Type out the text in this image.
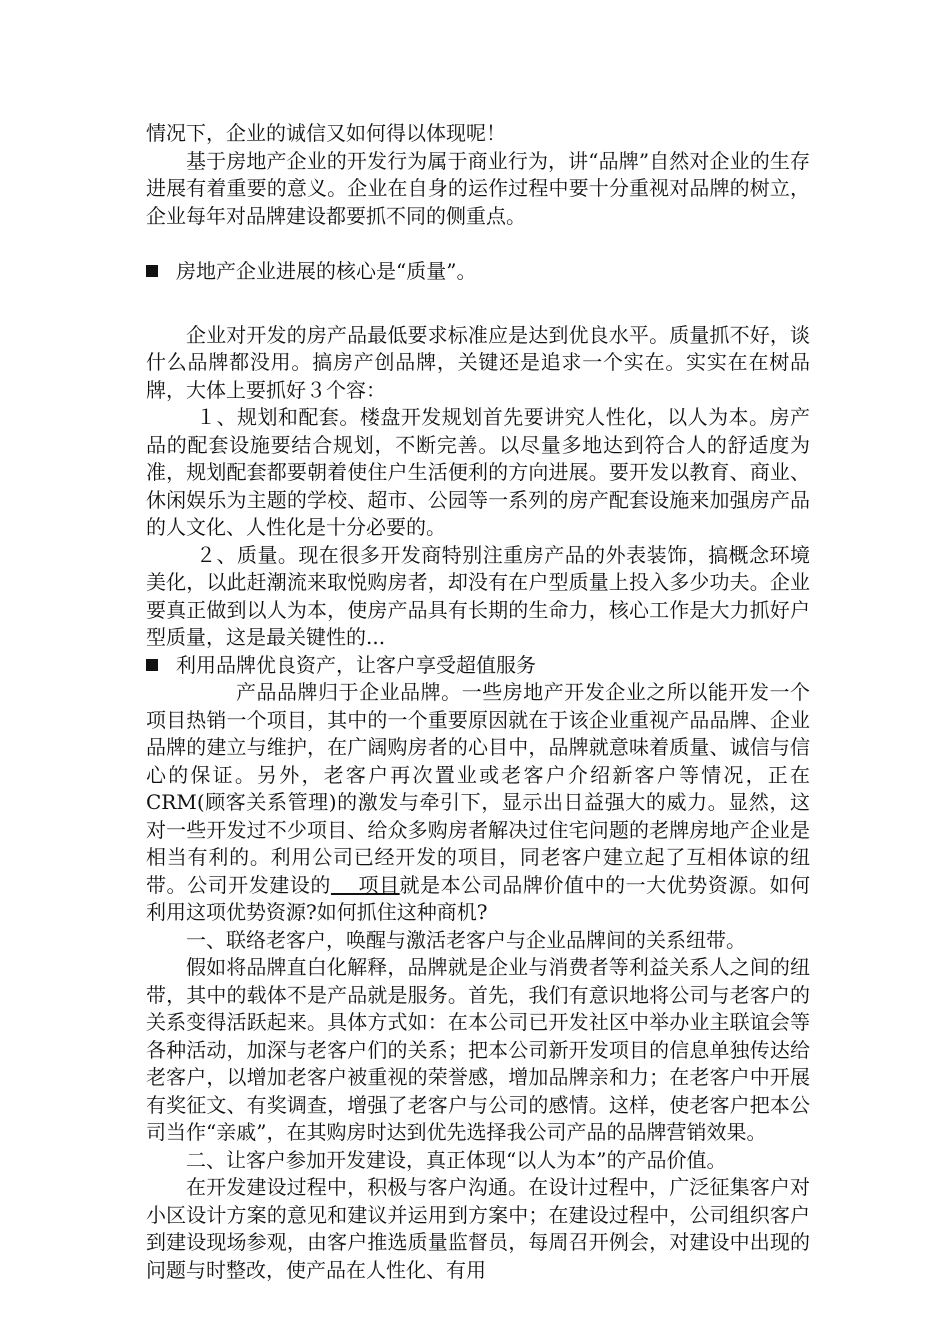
情况下，企业的诚信又如何得以体现呢！

基于房地产企业的开发行为属于商业行为，讲“品牌”自然对企业的生存进展有着重要的意义。企业在自身的运作过程中要十分重视对品牌的树立，企业每年对品牌建设都要抓不同的侧重点。

房地产企业进展的核心是“质量”。

企业对开发的房产品最低要求标准应是达到优良水平。质量抓不好，谈什么品牌都没用。搞房产创品牌，关键还是追求一个实在。实实在在树品牌，大体上要抓好３个容：

１、规划和配套。楼盘开发规划首先要讲究人性化，以人为本。房产品的配套设施要结合规划，不断完善。以尽量多地达到符合人的舒适度为准，规划配套都要朝着使住户生活便利的方向进展。要开发以教育、商业、休闲娱乐为主题的学校、超市、公园等一系列的房产配套设施来加强房产品的人文化、人性化是十分必要的。

２、质量。现在很多开发商特别注重房产品的外表装饰，搞概念环境美化，以此赶潮流来取悦购房者，却没有在户型质量上投入多少功夫。企业要真正做到以人为本，使房产品具有长期的生命力，核心工作是大力抓好户型质量，这是最关键性的...

利用品牌优良资产，让客户享受超值服务

产品品牌归于企业品牌。一些房地产开发企业之所以能开发一个项目热销一个项目，其中的一个重要原因就在于该企业重视产品品牌、企业品牌的建立与维护，在广阔购房者的心目中，品牌就意味着质量、诚信与信心的保证。另外，老客户再次置业或老客户介绍新客户等情况，正在CRM(顾客关系管理)的激发与牵引下，显示出日益强大的威力。显然，这对一些开发过不少项目、给众多购房者解决过住宅问题的老牌房地产企业是相当有利的。利用公司已经开发的项目，同老客户建立起了互相体谅的纽带。公司开发建设的    项目就是本公司品牌价值中的一大优势资源。如何利用这项优势资源?如何抓住这种商机?

一、联络老客户，唤醒与激活老客户与企业品牌间的关系纽带。

假如将品牌直白化解释，品牌就是企业与消费者等利益关系人之间的纽带，其中的载体不是产品就是服务。首先，我们有意识地将公司与老客户的关系变得活跃起来。具体方式如：在本公司已开发社区中举办业主联谊会等各种活动，加深与老客户们的关系；把本公司新开发项目的信息单独传达给老客户，以增加老客户被重视的荣誉感，增加品牌亲和力；在老客户中开展有奖征文、有奖调查，增强了老客户与公司的感情。这样，使老客户把本公司当作“亲戚”，在其购房时达到优先选择我公司产品的品牌营销效果。

二、让客户参加开发建设，真正体现“以人为本”的产品价值。

在开发建设过程中，积极与客户沟通。在设计过程中，广泛征集客户对小区设计方案的意见和建议并运用到方案中；在建设过程中，公司组织客户到建设现场参观，由客户推选质量监督员，每周召开例会，对建设中出现的问题与时整改，使产品在人性化、有用
